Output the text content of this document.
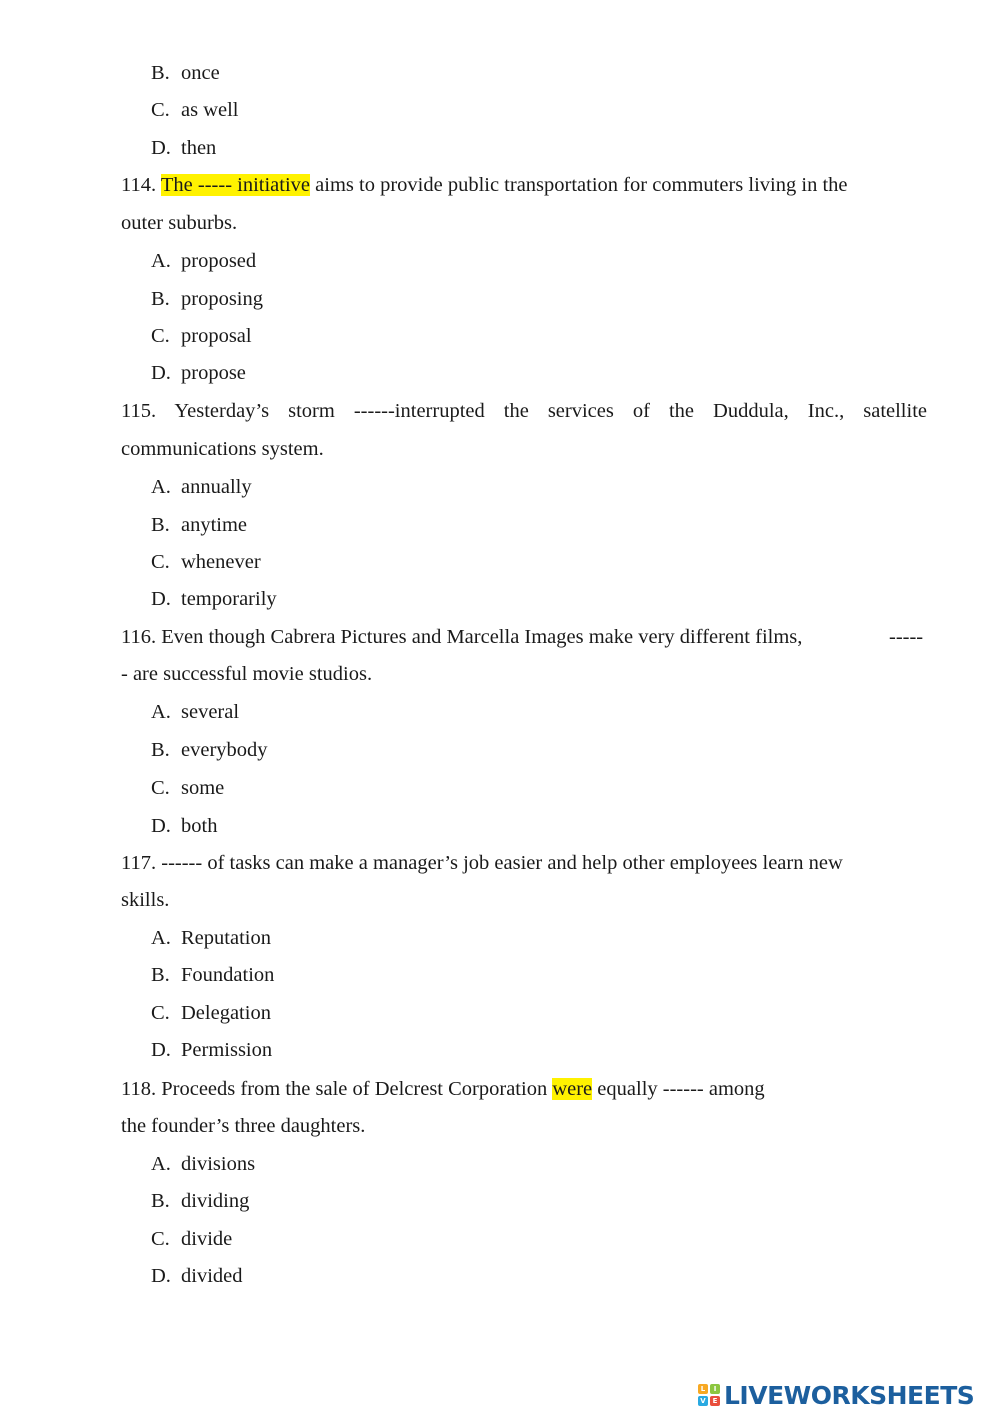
B. once
C. as well
D. then
114. The ----- initiative aims to provide public transportation for commuters living in the
outer suburbs.
A. proposed
B. proposing
C. proposal
D. propose
115. Yesterday’s storm ------interrupted the services of the Duddula, Inc., satellite
communications system.
A. annually
B. anytime
C. whenever
D. temporarily
116. Even though Cabrera Pictures and Marcella Images make very different films,	-----
- are successful movie studios.
A. several
B. everybody
C. some
D. both
117. ------ of tasks can make a manager’s job easier and help other employees learn new
skills.
A. Reputation
B. Foundation
C. Delegation
D. Permission
118. Proceeds from the sale of Delcrest Corporation were equally ------ among
the founder’s three daughters.
A. divisions
B. dividing
C. divide
D. divided
L	I
V E LIVEWORKSHEETS
